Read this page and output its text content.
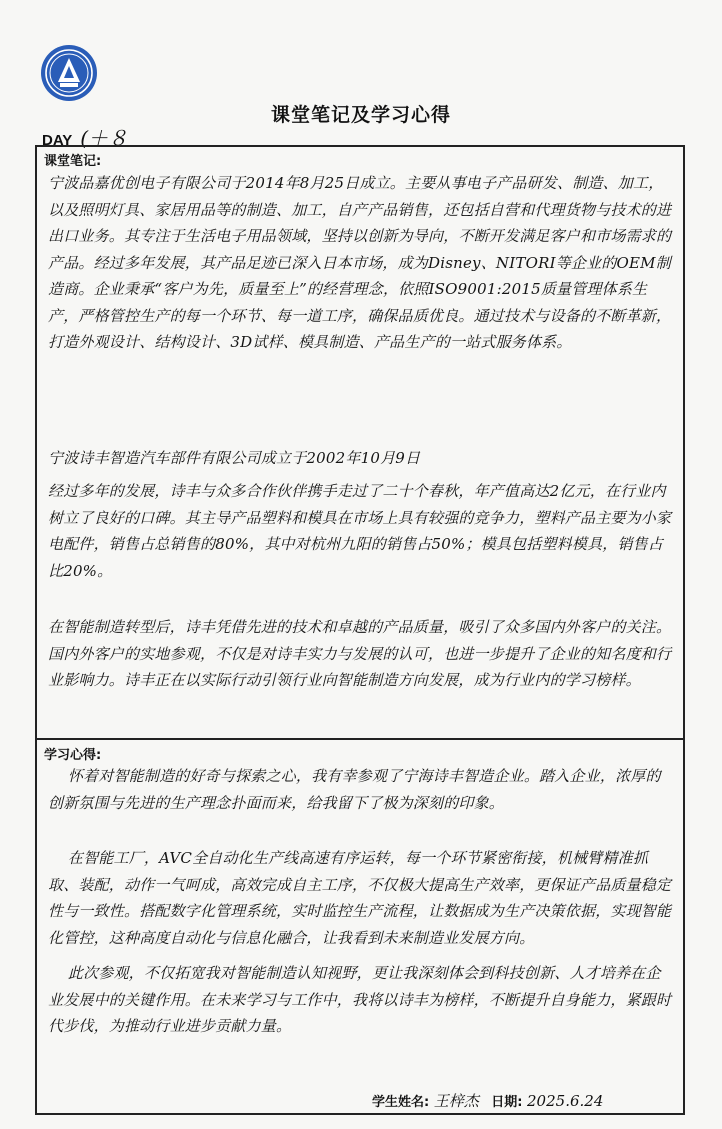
课堂笔记及学习心得
DAY (＋８
课堂笔记:
宁波品嘉优创电子有限公司于2014年8月25日成立。主要从事电子产品研发、制造、加工，以及照明灯具、家居用品等的制造、加工，自产产品销售，还包括自营和代理货物与技术的进出口业务。其专注于生活电子用品领域，坚持以创新为导向，不断开发满足客户和市场需求的产品。经过多年发展，其产品足迹已深入日本市场，成为Disney、NITORI等企业的OEM制造商。企业秉承“客户为先，质量至上”的经营理念，依照ISO9001:2015质量管理体系生产，严格管控生产的每一个环节、每一道工序，确保品质优良。通过技术与设备的不断革新，打造外观设计、结构设计、3D试样、模具制造、产品生产的一站式服务体系。
宁波诗丰智造汽车部件有限公司成立于2002年10月9日
经过多年的发展，诗丰与众多合作伙伴携手走过了二十个春秋，年产值高达2亿元，在行业内树立了良好的口碑。其主导产品塑料和模具在市场上具有较强的竞争力，塑料产品主要为小家电配件，销售占总销售的80%，其中对杭州九阳的销售占50%；模具包括塑料模具，销售占比20%。
在智能制造转型后，诗丰凭借先进的技术和卓越的产品质量，吸引了众多国内外客户的关注。国内外客户的实地参观，不仅是对诗丰实力与发展的认可，也进一步提升了企业的知名度和行业影响力。诗丰正在以实际行动引领行业向智能制造方向发展，成为行业内的学习榜样。
学习心得:
怀着对智能制造的好奇与探索之心，我有幸参观了宁海诗丰智造企业。踏入企业，浓厚的创新氛围与先进的生产理念扑面而来，给我留下了极为深刻的印象。
在智能工厂，AVC全自动化生产线高速有序运转，每一个环节紧密衔接，机械臂精准抓取、装配，动作一气呵成，高效完成自主工序，不仅极大提高生产效率，更保证产品质量稳定性与一致性。搭配数字化管理系统，实时监控生产流程，让数据成为生产决策依据，实现智能化管控，这种高度自动化与信息化融合，让我看到未来制造业发展方向。
此次参观，不仅拓宽我对智能制造认知视野，更让我深刻体会到科技创新、人才培养在企业发展中的关键作用。在未来学习与工作中，我将以诗丰为榜样，不断提升自身能力，紧跟时代步伐，为推动行业进步贡献力量。
学生姓名: 王梓杰 日期: 2025.6.24
